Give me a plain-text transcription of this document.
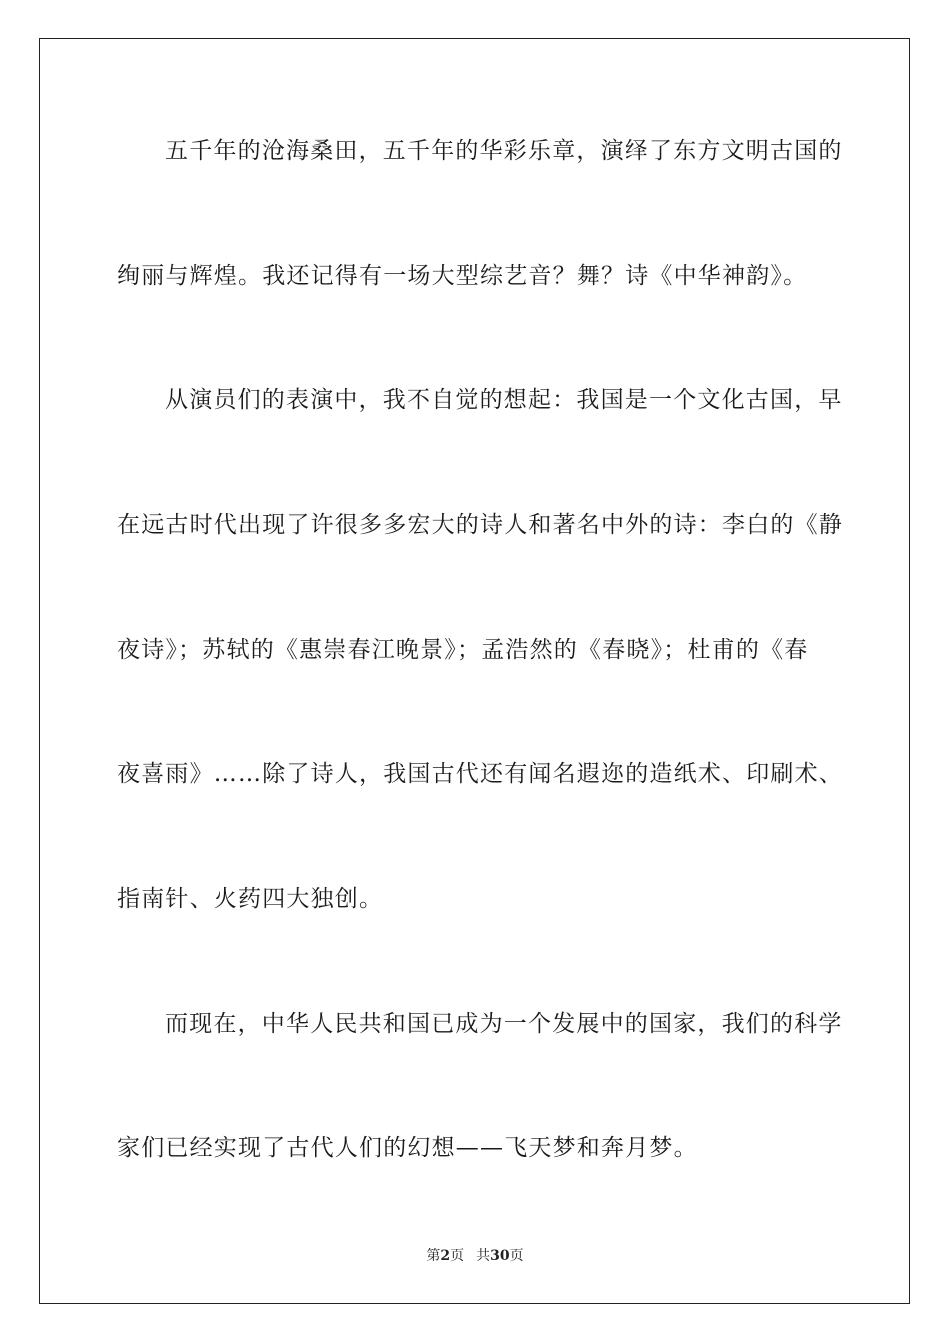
五千年的沧海桑田，五千年的华彩乐章，演绎了东方文明古国的
绚丽与辉煌。我还记得有一场大型综艺音？舞？诗《中华神韵》。
从演员们的表演中，我不自觉的想起：我国是一个文化古国，早
在远古时代出现了许很多多宏大的诗人和著名中外的诗：李白的《静
夜诗》；苏轼的《惠崇春江晚景》；孟浩然的《春晓》；杜甫的《春
夜喜雨》……除了诗人，我国古代还有闻名遐迩的造纸术、印刷术、
指南针、火药四大独创。
而现在，中华人民共和国已成为一个发展中的国家，我们的科学
家们已经实现了古代人们的幻想——飞天梦和奔月梦。
第2页 共30页
